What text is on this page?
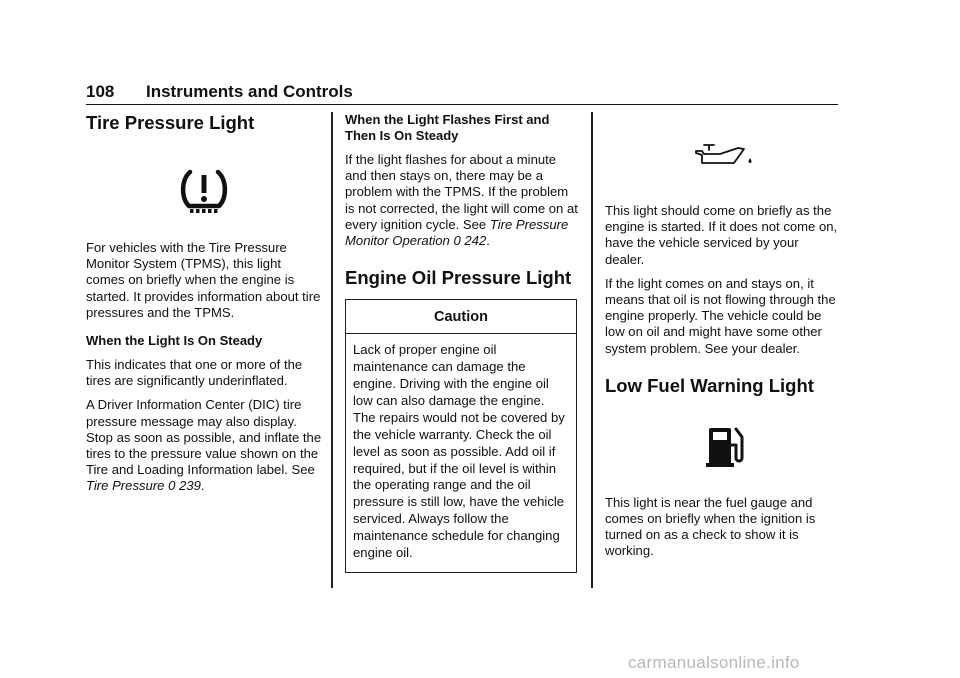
108 Instruments and Controls
Tire Pressure Light

For vehicles with the Tire Pressure Monitor System (TPMS), this light comes on briefly when the engine is started. It provides information about tire pressures and the TPMS.

When the Light Is On Steady

This indicates that one or more of the tires are significantly underinflated.

A Driver Information Center (DIC) tire pressure message may also display. Stop as soon as possible, and inflate the tires to the pressure value shown on the Tire and Loading Information label. See Tire Pressure 0 239.

When the Light Flashes First and Then Is On Steady

If the light flashes for about a minute and then stays on, there may be a problem with the TPMS. If the problem is not corrected, the light will come on at every ignition cycle. See Tire Pressure Monitor Operation 0 242.

Engine Oil Pressure Light
Caution

Lack of proper engine oil maintenance can damage the engine. Driving with the engine oil low can also damage the engine. The repairs would not be covered by the vehicle warranty. Check the oil level as soon as possible. Add oil if required, but if the oil level is within the operating range and the oil pressure is still low, have the vehicle serviced. Always follow the maintenance schedule for changing engine oil.

This light should come on briefly as the engine is started. If it does not come on, have the vehicle serviced by your dealer.

If the light comes on and stays on, it means that oil is not flowing through the engine properly. The vehicle could be low on oil and might have some other system problem. See your dealer.

Low Fuel Warning Light

This light is near the fuel gauge and comes on briefly when the ignition is turned on as a check to show it is working.

carmanualsonline.info
